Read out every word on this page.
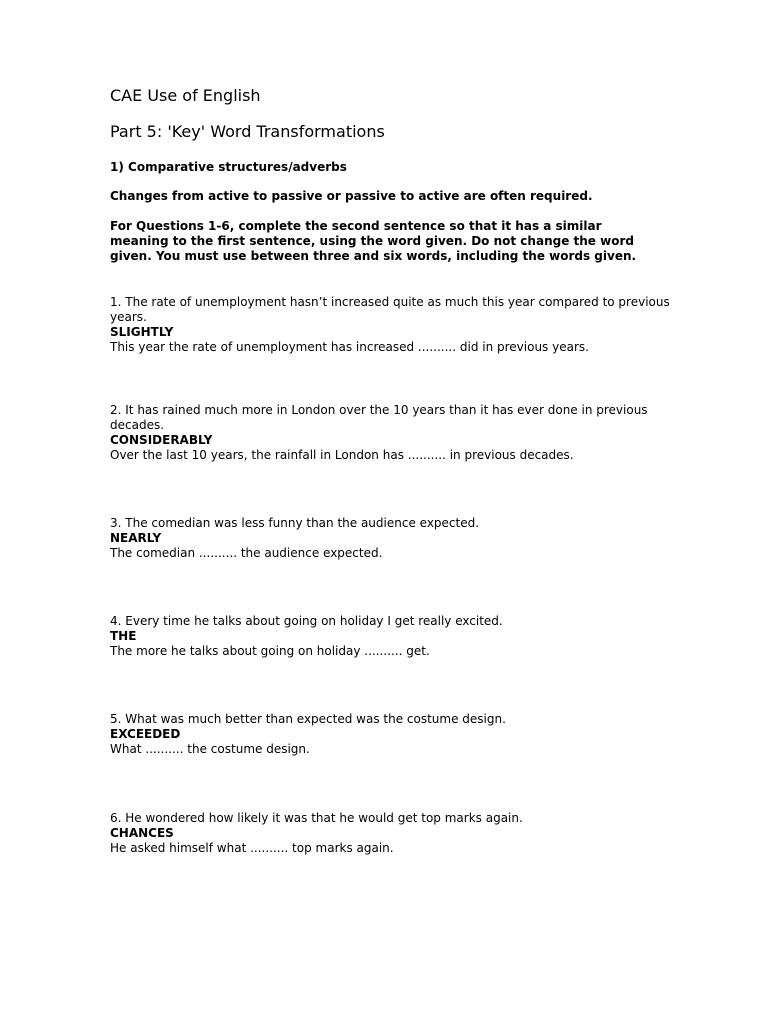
CAE Use of English
Part 5: 'Key' Word Transformations
1) Comparative structures/adverbs
Changes from active to passive or passive to active are often required.
For Questions 1-6, complete the second sentence so that it has a similar meaning to the first sentence, using the word given. Do not change the word given. You must use between three and six words, including the words given.
1. The rate of unemployment hasn’t increased quite as much this year compared to previous years.
SLIGHTLY
This year the rate of unemployment has increased .......... did in previous years.
2. It has rained much more in London over the 10 years than it has ever done in previous decades.
CONSIDERABLY
Over the last 10 years, the rainfall in London has .......... in previous decades.
3. The comedian was less funny than the audience expected.
NEARLY
The comedian .......... the audience expected.
4. Every time he talks about going on holiday I get really excited.
THE
The more he talks about going on holiday .......... get.
5. What was much better than expected was the costume design.
EXCEEDED
What .......... the costume design.
6. He wondered how likely it was that he would get top marks again.
CHANCES
He asked himself what .......... top marks again.
